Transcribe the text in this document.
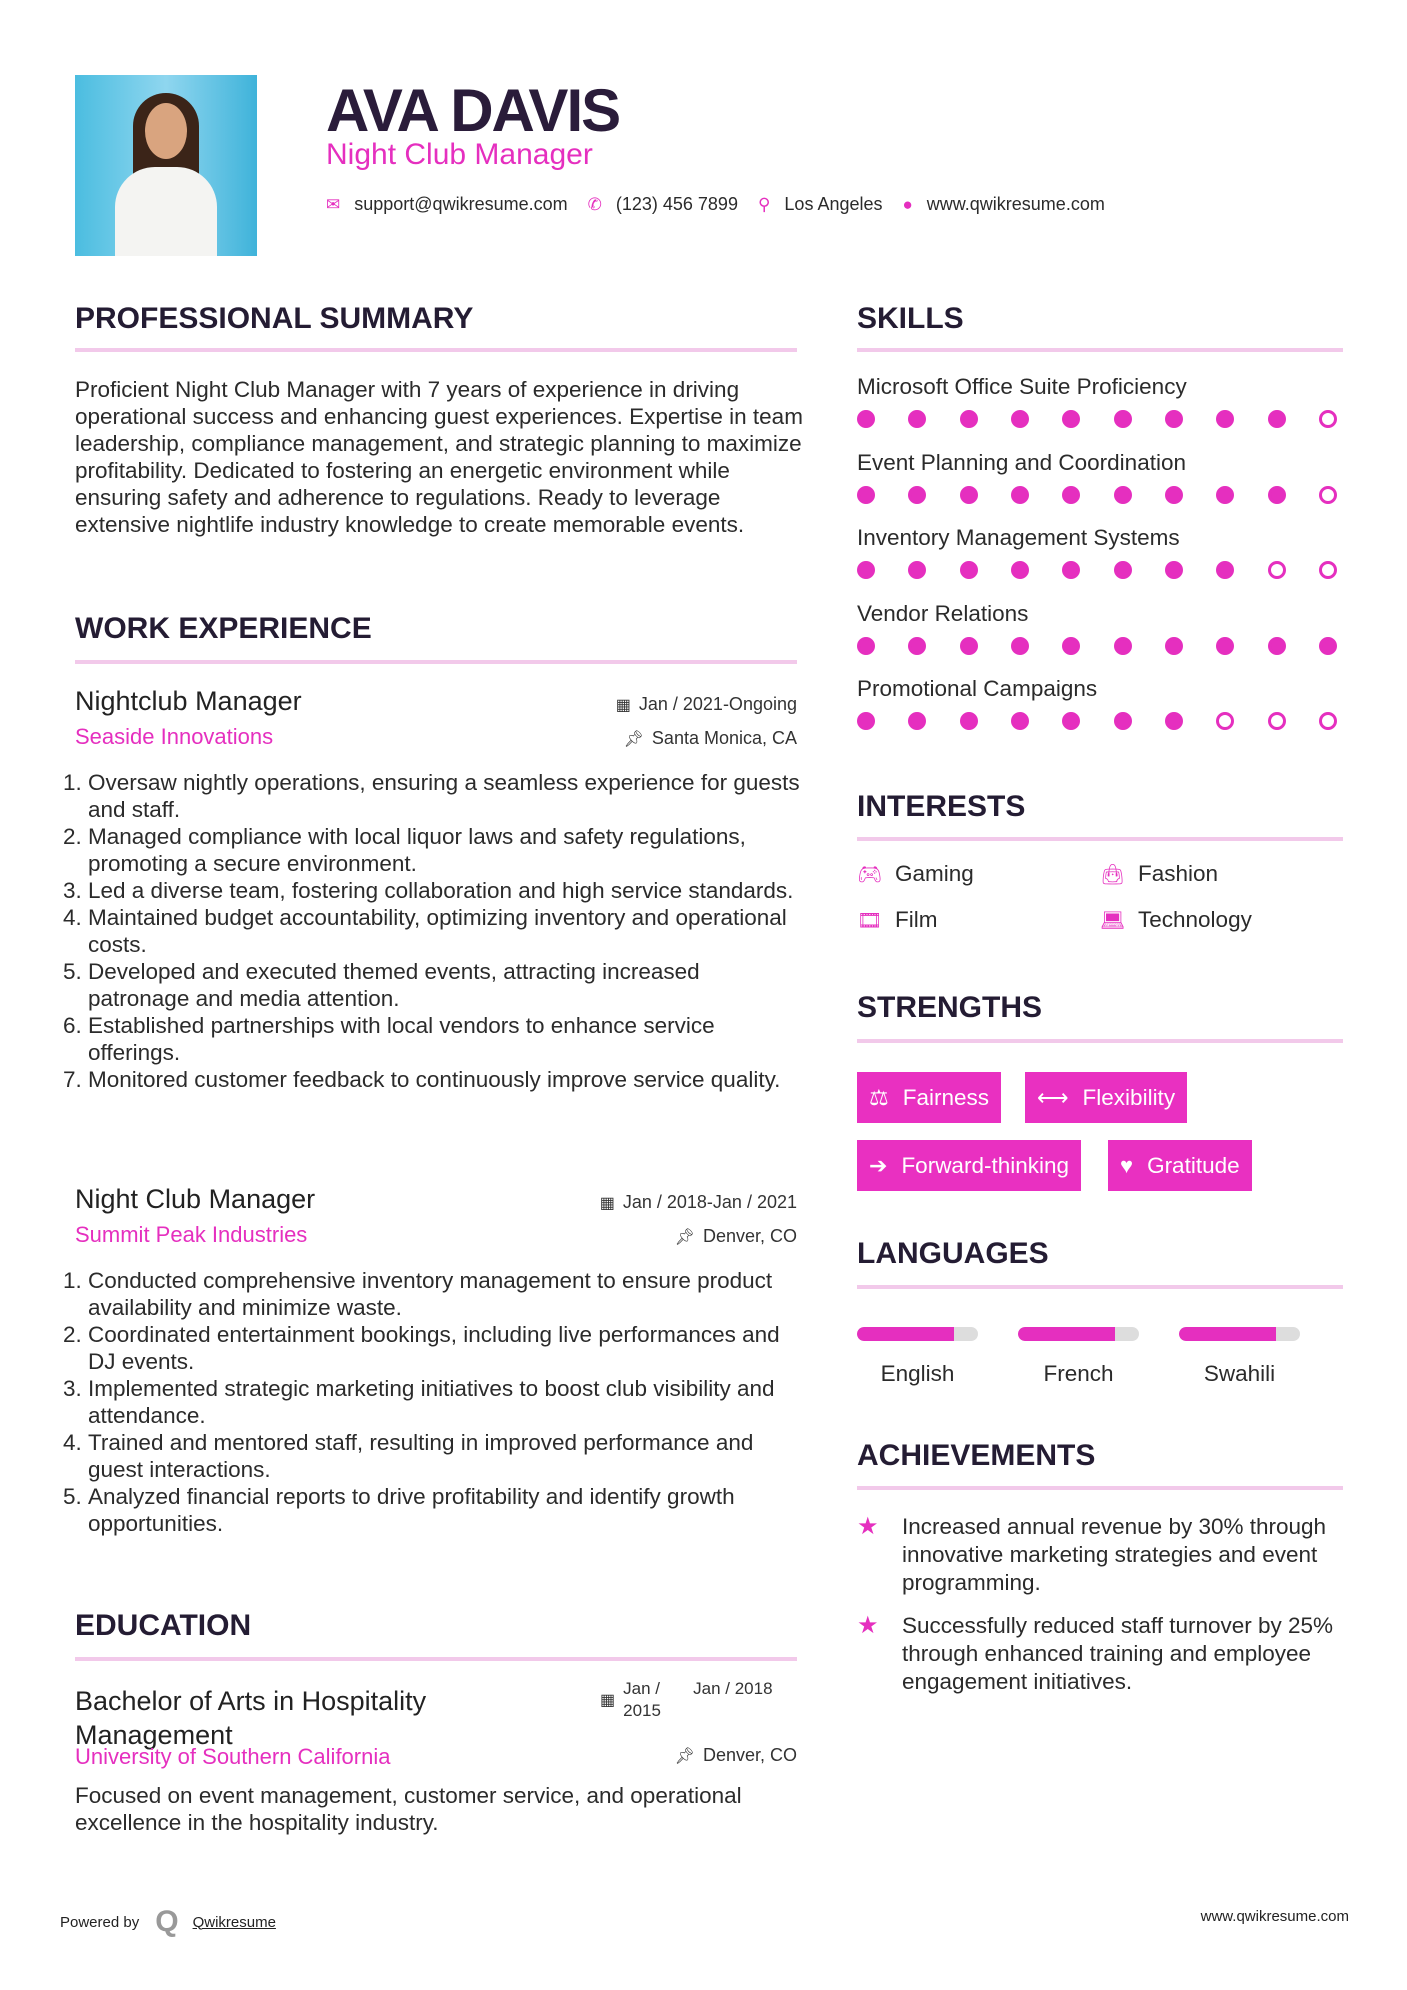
AVA DAVIS
Night Club Manager
✉ support@qwikresume.com ✆ (123) 456 7899 ⚲ Los Angeles ● www.qwikresume.com
PROFESSIONAL SUMMARY

Proficient Night Club Manager with 7 years of experience in driving operational success and enhancing guest experiences. Expertise in team leadership, compliance management, and strategic planning to maximize profitability. Dedicated to fostering an energetic environment while ensuring safety and adherence to regulations. Ready to leverage extensive nightlife industry knowledge to create memorable events.

WORK EXPERIENCE
Nightclub Manager	▦ Jan / 2021-Ongoing
Seaside Innovations	📌︎ Santa Monica, CA
1. Oversaw nightly operations, ensuring a seamless experience for guests and staff.
2. Managed compliance with local liquor laws and safety regulations, promoting a secure environment.
3. Led a diverse team, fostering collaboration and high service standards.
4. Maintained budget accountability, optimizing inventory and operational costs.
5. Developed and executed themed events, attracting increased patronage and media attention.
6. Established partnerships with local vendors to enhance service offerings.
7. Monitored customer feedback to continuously improve service quality.
Night Club Manager	▦ Jan / 2018-Jan / 2021
Summit Peak Industries	📌︎ Denver, CO
1. Conducted comprehensive inventory management to ensure product availability and minimize waste.
2. Coordinated entertainment bookings, including live performances and DJ events.
3. Implemented strategic marketing initiatives to boost club visibility and attendance.
4. Trained and mentored staff, resulting in improved performance and guest interactions.
5. Analyzed financial reports to drive profitability and identify growth opportunities.
EDUCATION
Bachelor of Arts in Hospitality Management
▦
Jan / 2015
Jan / 2018
University of Southern California	📌︎ Denver, CO

Focused on event management, customer service, and operational excellence in the hospitality industry.

Powered by Q Qwikresume	www.qwikresume.com
SKILLS
Microsoft Office Suite Proficiency
Event Planning and Coordination
Inventory Management Systems
Vendor Relations
Promotional Campaigns
INTERESTS
🎮︎ Gaming	👜︎ Fashion
🎞︎ Film	💻︎ Technology
STRENGTHS
⚖ Fairness ⟷ Flexibility
➔ Forward-thinking ♥ Gratitude
LANGUAGES
English	French	Swahili
ACHIEVEMENTS
★	Increased annual revenue by 30% through innovative marketing strategies and event programming.
★	Successfully reduced staff turnover by 25% through enhanced training and employee engagement initiatives.
